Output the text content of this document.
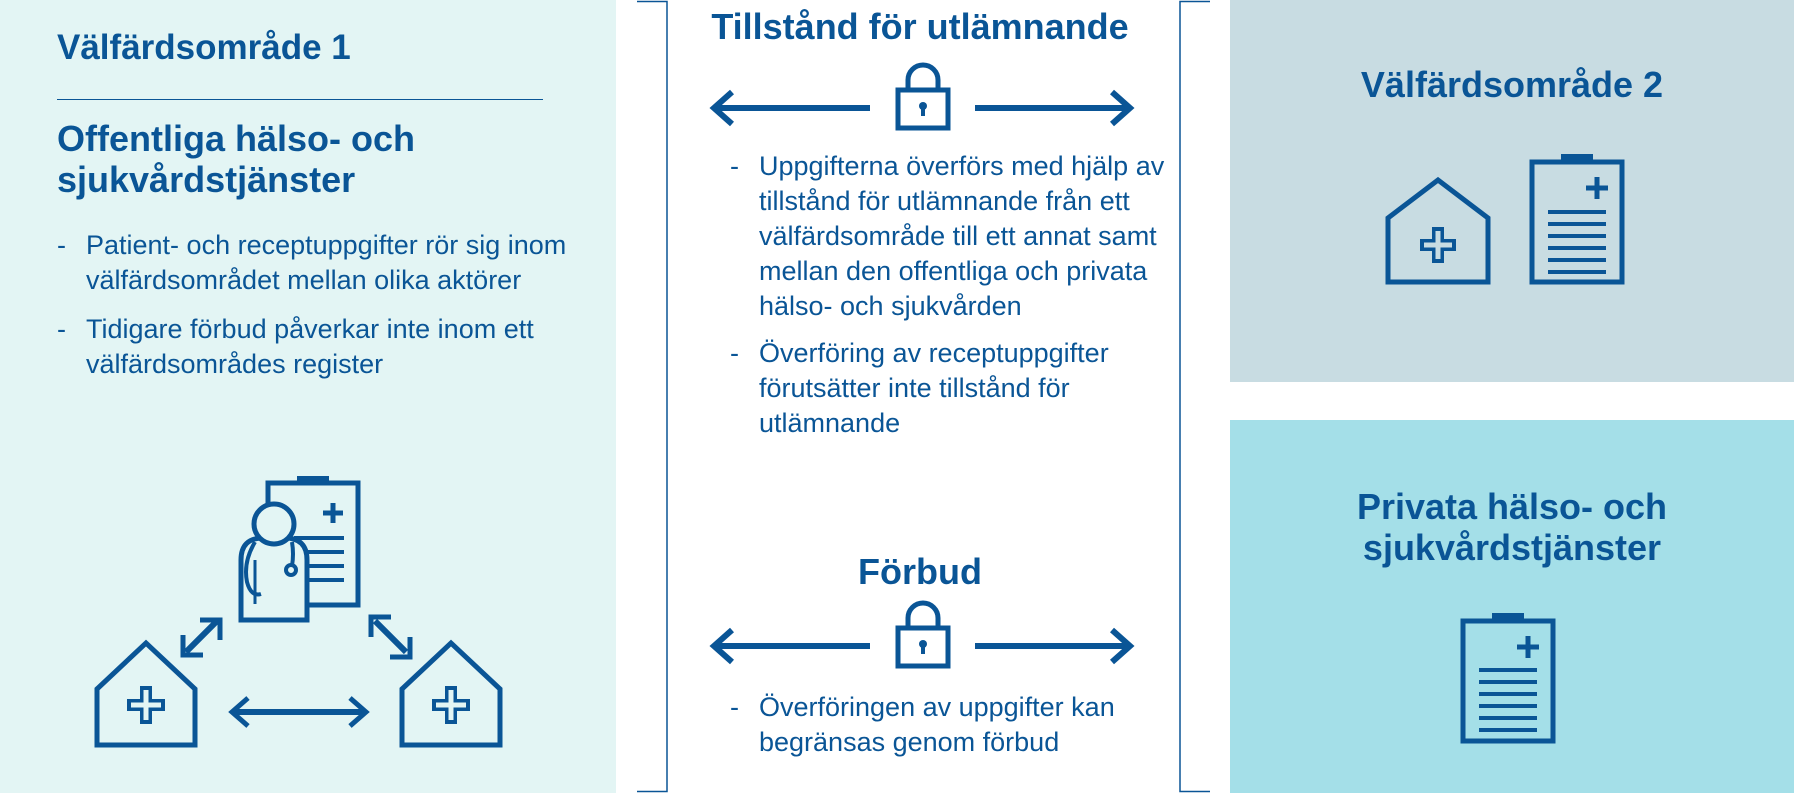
Välfärdsområde 1
Offentliga hälso- och sjukvårdstjänster
- Patient- och receptuppgifter rör sig inom välfärdsområdet mellan olika aktörer
- Tidigare förbud påverkar inte inom ett välfärdsområdes register
Tillstånd för utlämnande
- Uppgifterna överförs med hjälp av tillstånd för utlämnande från ett välfärdsområde till ett annat samt mellan den offentliga och privata hälso- och sjukvården
- Överföring av receptuppgifter förutsätter inte tillstånd för utlämnande
Förbud
- Överföringen av uppgifter kan begränsas genom förbud
Välfärdsområde 2
Privata hälso- och sjukvårdstjänster
